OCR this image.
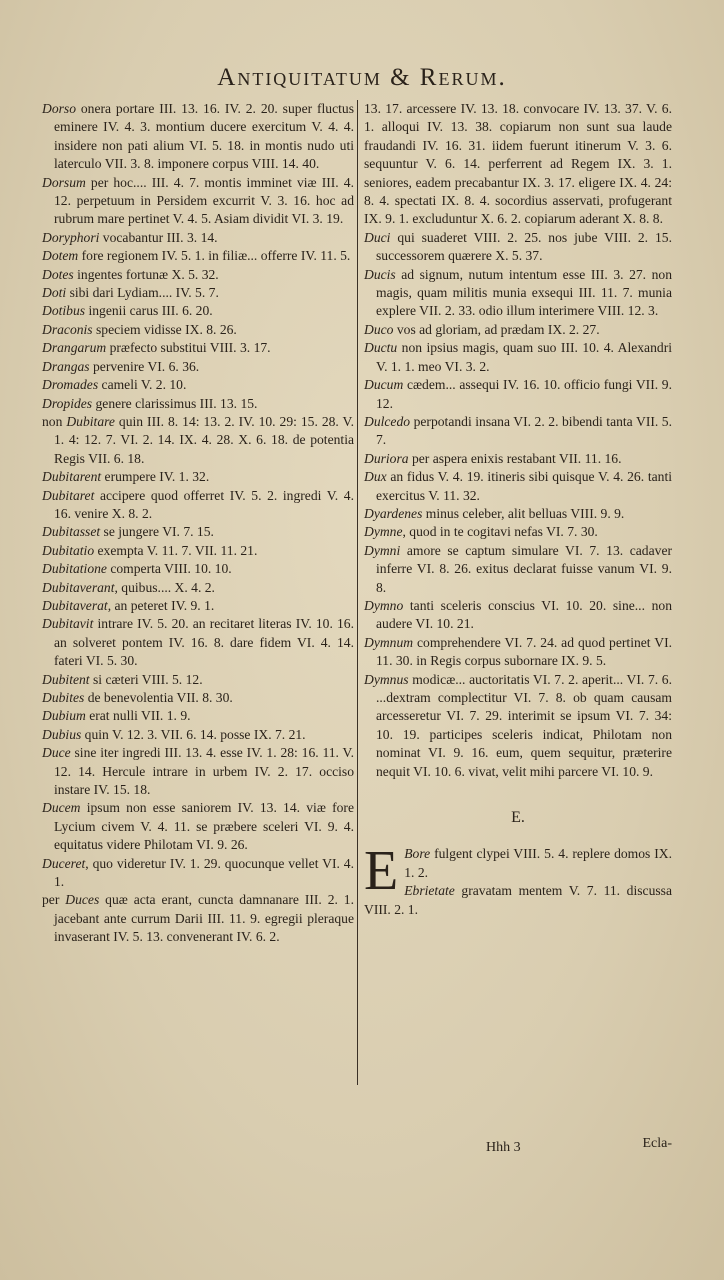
Antiquitatum & Rerum.

Dorso onera portare III. 13. 16. IV. 2. 20. super fluctus eminere IV. 4. 3. montium ducere exercitum V. 4. 4. insidere non pati alium VI. 5. 18. in montis nudo uti laterculo VII. 3. 8. imponere corpus VIII. 14. 40.

Dorsum per hoc.... III. 4. 7. montis imminet viæ III. 4. 12. perpetuum in Persidem excurrit V. 3. 16. hoc ad rubrum mare pertinet V. 4. 5. Asiam dividit VI. 3. 19.

Doryphori vocabantur III. 3. 14.

Dotem fore regionem IV. 5. 1. in filiæ... offerre IV. 11. 5.

Dotes ingentes fortunæ X. 5. 32.

Doti sibi dari Lydiam.... IV. 5. 7.

Dotibus ingenii carus III. 6. 20.

Draconis speciem vidisse IX. 8. 26.

Drangarum præfecto substitui VIII. 3. 17.

Drangas pervenire VI. 6. 36.

Dromades cameli V. 2. 10.

Dropides genere clarissimus III. 13. 15.

non Dubitare quin III. 8. 14: 13. 2. IV. 10. 29: 15. 28. V. 1. 4: 12. 7. VI. 2. 14. IX. 4. 28. X. 6. 18. de potentia Regis VII. 6. 18.

Dubitarent erumpere IV. 1. 32.

Dubitaret accipere quod offerret IV. 5. 2. ingredi V. 4. 16. venire X. 8. 2.

Dubitasset se jungere VI. 7. 15.

Dubitatio exempta V. 11. 7. VII. 11. 21.

Dubitatione comperta VIII. 10. 10.

Dubitaverant, quibus.... X. 4. 2.

Dubitaverat, an peteret IV. 9. 1.

Dubitavit intrare IV. 5. 20. an recitaret literas IV. 10. 16. an solveret pontem IV. 16. 8. dare fidem VI. 4. 14. fateri VI. 5. 30.

Dubitent si cæteri VIII. 5. 12.

Dubites de benevolentia VII. 8. 30.

Dubium erat nulli VII. 1. 9.

Dubius quin V. 12. 3. VII. 6. 14. posse IX. 7. 21.

Duce sine iter ingredi III. 13. 4. esse IV. 1. 28: 16. 11. V. 12. 14. Hercule intrare in urbem IV. 2. 17. occiso instare IV. 15. 18.

Ducem ipsum non esse saniorem IV. 13. 14. viæ fore Lycium civem V. 4. 11. se præbere sceleri VI. 9. 4. equitatus videre Philotam VI. 9. 26.

Duceret, quo videretur IV. 1. 29. quocunque vellet VI. 4. 1.

per Duces quæ acta erant, cuncta damnanare III. 2. 1. jacebant ante currum Darii III. 11. 9. egregii pleraque invaserant IV. 5. 13. convenerant IV. 6. 2.

13. 17. arcessere IV. 13. 18. convocare IV. 13. 37. V. 6. 1. alloqui IV. 13. 38. copiarum non sunt sua laude fraudandi IV. 16. 31. iidem fuerunt itinerum V. 3. 6. sequuntur V. 6. 14. perferrent ad Regem IX. 3. 1. seniores, eadem precabantur IX. 3. 17. eligere IX. 4. 24: 8. 4. spectati IX. 8. 4. socordius asservati, profugerant IX. 9. 1. excluduntur X. 6. 2. copiarum aderant X. 8. 8.

Duci qui suaderet VIII. 2. 25. nos jube VIII. 2. 15. successorem quærere X. 5. 37.

Ducis ad signum, nutum intentum esse III. 3. 27. non magis, quam militis munia exsequi III. 11. 7. munia explere VII. 2. 33. odio illum interimere VIII. 12. 3.

Duco vos ad gloriam, ad prædam IX. 2. 27.

Ductu non ipsius magis, quam suo III. 10. 4. Alexandri V. 1. 1. meo VI. 3. 2.

Ducum cædem... assequi IV. 16. 10. officio fungi VII. 9. 12.

Dulcedo perpotandi insana VI. 2. 2. bibendi tanta VII. 5. 7.

Duriora per aspera enixis restabant VII. 11. 16.

Dux an fidus V. 4. 19. itineris sibi quisque V. 4. 26. tanti exercitus V. 11. 32.

Dyardenes minus celeber, alit belluas VIII. 9. 9.

Dymne, quod in te cogitavi nefas VI. 7. 30.

Dymni amore se captum simulare VI. 7. 13. cadaver inferre VI. 8. 26. exitus declarat fuisse vanum VI. 9. 8.

Dymno tanti sceleris conscius VI. 10. 20. sine... non audere VI. 10. 21.

Dymnum comprehendere VI. 7. 24. ad quod pertinet VI. 11. 30. in Regis corpus subornare IX. 9. 5.

Dymnus modicæ... auctoritatis VI. 7. 2. aperit... VI. 7. 6. ...dextram complectitur VI. 7. 8. ob quam causam arcesseretur VI. 7. 29. interimit se ipsum VI. 7. 34: 10. 19. participes sceleris indicat, Philotam non nominat VI. 9. 16. eum, quem sequitur, præterire nequit VI. 10. 6. vivat, velit mihi parcere VI. 10. 9.

E.

E Bore fulgent clypei VIII. 5. 4. replere domos IX. 1. 2.

Ebrietate gravatam mentem V. 7. 11. discussa VIII. 2. 1.

Hhh 3	Ecla-
